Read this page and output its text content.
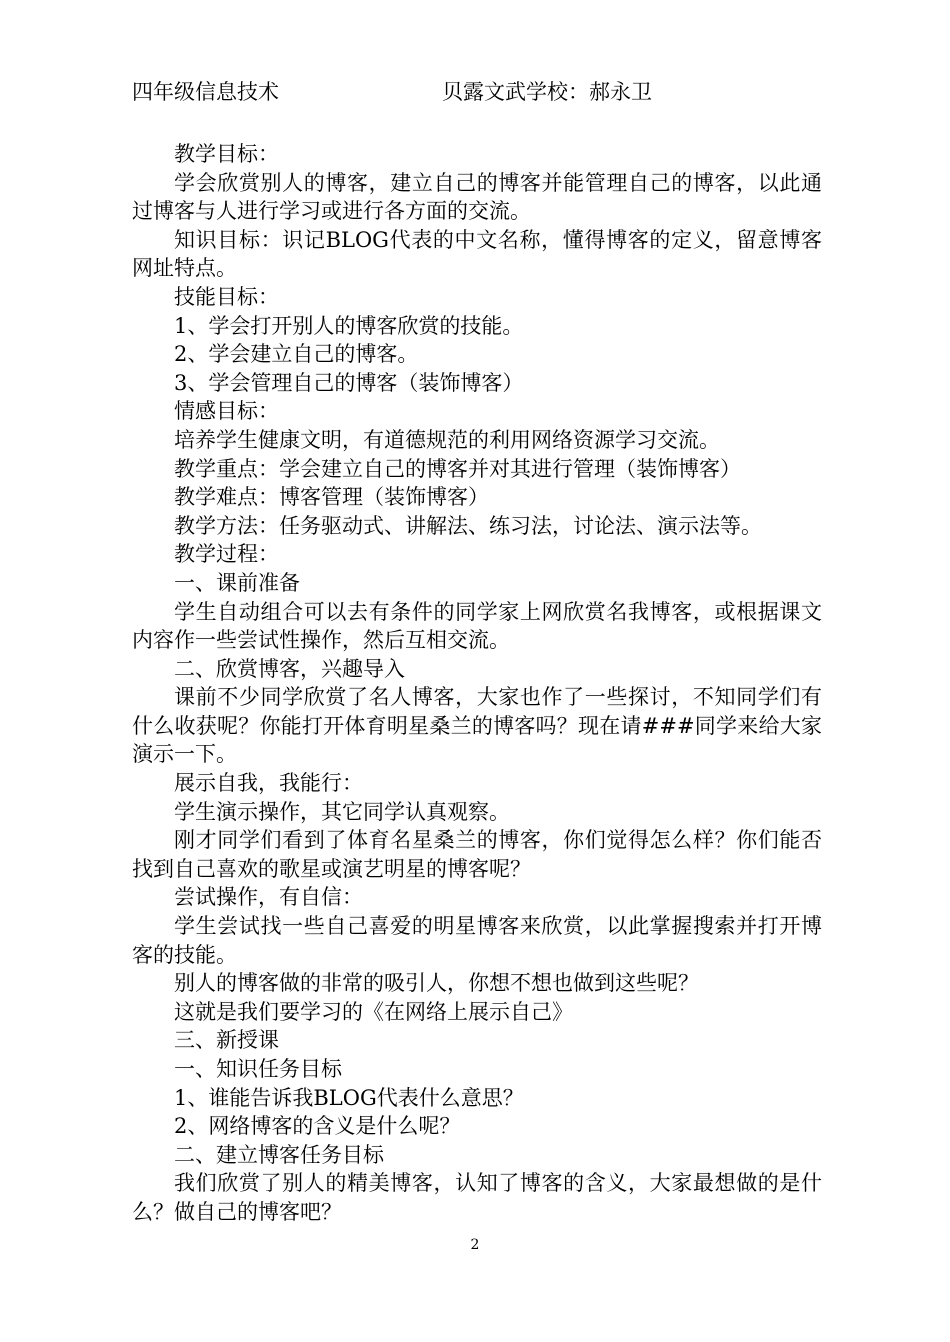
四年级信息技术	贝露文武学校：郝永卫

教学目标：

学会欣赏别人的博客，建立自己的博客并能管理自己的博客，以此通过博客与人进行学习或进行各方面的交流。

知识目标：识记BLOG代表的中文名称，懂得博客的定义，留意博客网址特点。

技能目标：

1、学会打开别人的博客欣赏的技能。

2、学会建立自己的博客。

3、学会管理自己的博客（装饰博客）

情感目标：

培养学生健康文明，有道德规范的利用网络资源学习交流。

教学重点：学会建立自己的博客并对其进行管理（装饰博客）

教学难点：博客管理（装饰博客）

教学方法：任务驱动式、讲解法、练习法，讨论法、演示法等。

教学过程：

一、课前准备

学生自动组合可以去有条件的同学家上网欣赏名我博客，或根据课文内容作一些尝试性操作，然后互相交流。

二、欣赏博客，兴趣导入

课前不少同学欣赏了名人博客，大家也作了一些探讨，不知同学们有什么收获呢？你能打开体育明星桑兰的博客吗？现在请###同学来给大家演示一下。

展示自我，我能行：

学生演示操作，其它同学认真观察。

刚才同学们看到了体育名星桑兰的博客，你们觉得怎么样？你们能否找到自己喜欢的歌星或演艺明星的博客呢？

尝试操作，有自信：

学生尝试找一些自己喜爱的明星博客来欣赏，以此掌握搜索并打开博客的技能。

别人的博客做的非常的吸引人，你想不想也做到这些呢？

这就是我们要学习的《在网络上展示自己》

三、新授课

一、知识任务目标

1、谁能告诉我BLOG代表什么意思？

2、网络博客的含义是什么呢？

二、建立博客任务目标

我们欣赏了别人的精美博客，认知了博客的含义，大家最想做的是什么？做自己的博客吧？

2
